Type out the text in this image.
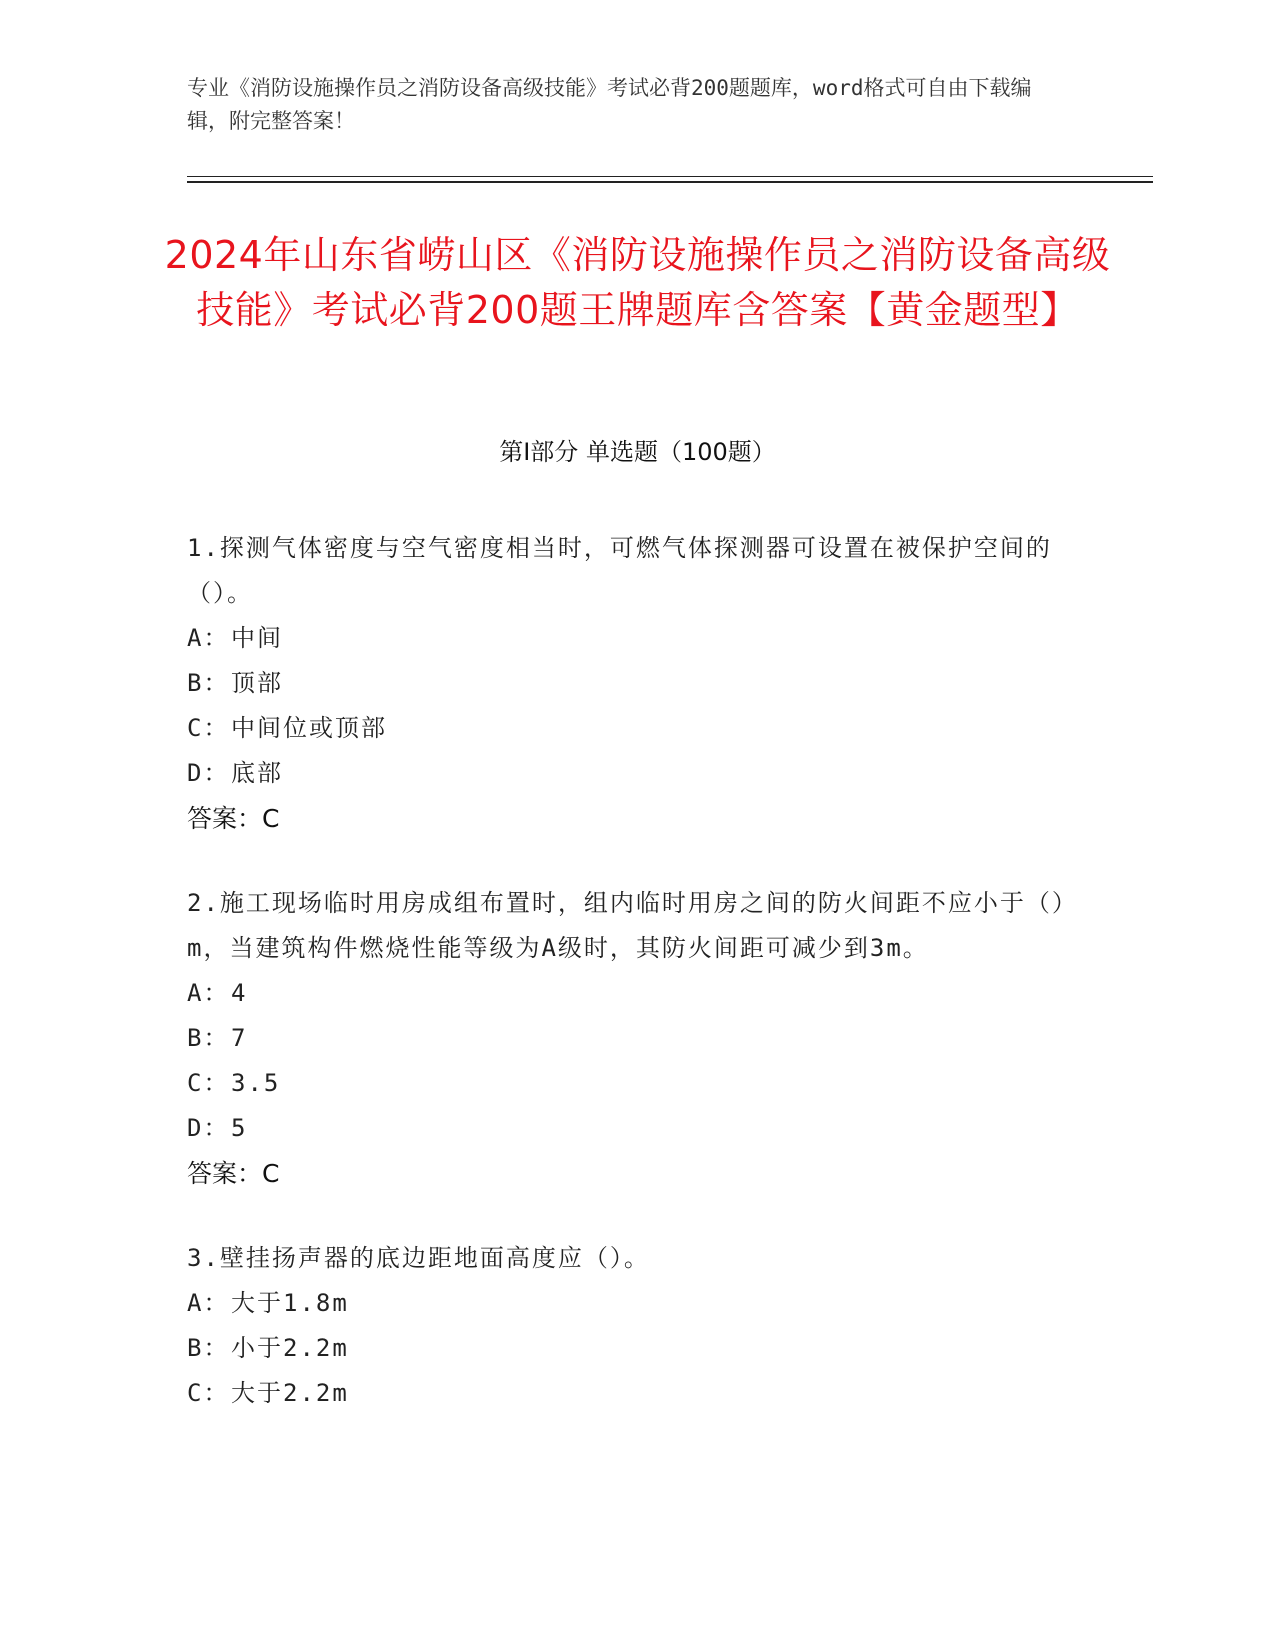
专业《消防设施操作员之消防设备高级技能》考试必背200题题库，word格式可自由下载编辑，附完整答案！
2024年山东省崂山区《消防设施操作员之消防设备高级技能》考试必背200题王牌题库含答案【黄金题型】
第I部分 单选题（100题）
1.探测气体密度与空气密度相当时，可燃气体探测器可设置在被保护空间的（）。
A： 中间
B： 顶部
C： 中间位或顶部
D： 底部
答案：C
2.施工现场临时用房成组布置时，组内临时用房之间的防火间距不应小于（）m，当建筑构件燃烧性能等级为A级时，其防火间距可减少到3m。
A： 4
B： 7
C： 3.5
D： 5
答案：C
3.壁挂扬声器的底边距地面高度应（）。
A： 大于1.8m
B： 小于2.2m
C： 大于2.2m
